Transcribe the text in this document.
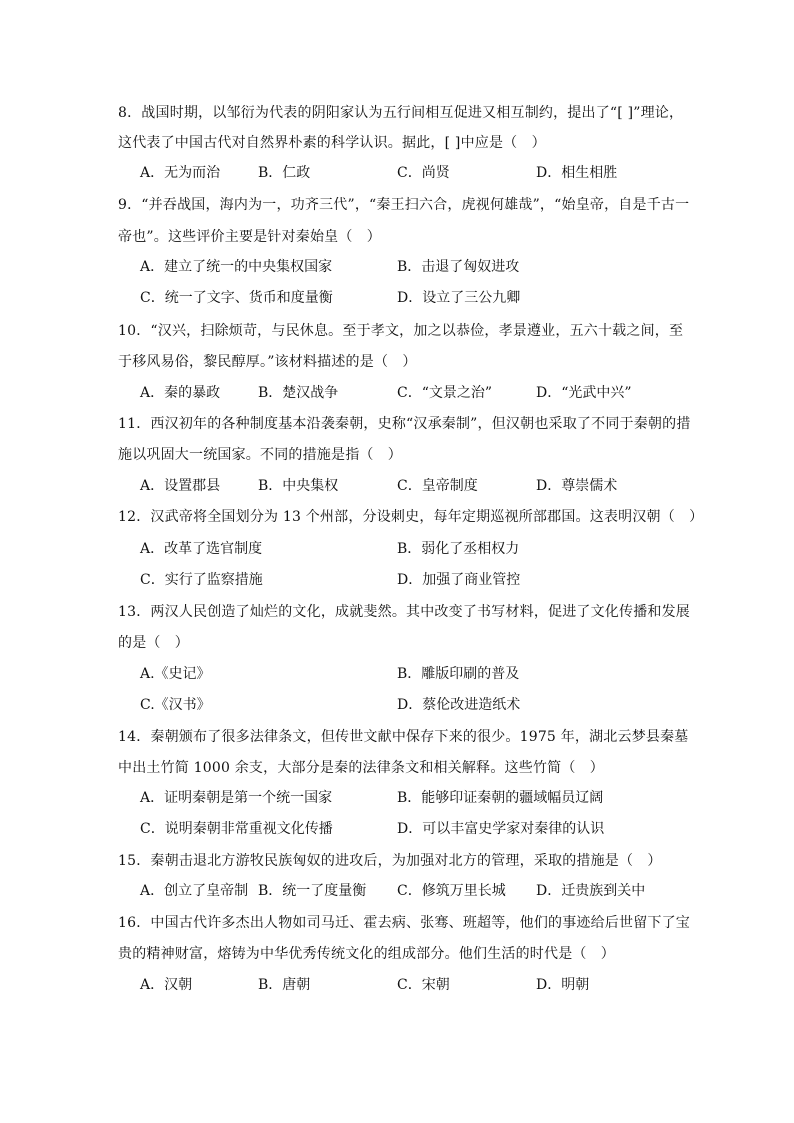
8．战国时期，以邹衍为代表的阴阳家认为五行间相互促进又相互制约，提出了“[ ]”理论，
这代表了中国古代对自然界朴素的科学认识。据此，[ ]中应是（　）
A．无为而治	B．仁政	C．尚贤	D．相生相胜
9．“并吞战国，海内为一，功齐三代”，“秦王扫六合，虎视何雄哉”，“始皇帝，自是千古一
帝也”。这些评价主要是针对秦始皇（　）
A．建立了统一的中央集权国家	B．击退了匈奴进攻
C．统一了文字、货币和度量衡	D．设立了三公九卿
10．“汉兴，扫除烦苛，与民休息。至于孝文，加之以恭俭，孝景遵业，五六十载之间，至
于移风易俗，黎民醇厚。”该材料描述的是（　）
A．秦的暴政	B．楚汉战争	C．“文景之治”	D．“光武中兴”
11．西汉初年的各种制度基本沿袭秦朝，史称“汉承秦制”，但汉朝也采取了不同于秦朝的措
施以巩固大一统国家。不同的措施是指（　）
A．设置郡县	B．中央集权	C．皇帝制度	D．尊崇儒术
12．汉武帝将全国划分为 13 个州部，分设刺史，每年定期巡视所部郡国。这表明汉朝（　）
A．改革了选官制度	B．弱化了丞相权力
C．实行了监察措施	D．加强了商业管控
13．两汉人民创造了灿烂的文化，成就斐然。其中改变了书写材料，促进了文化传播和发展
的是（　）
A.《史记》	B．雕版印刷的普及
C.《汉书》	D．蔡伦改进造纸术
14．秦朝颁布了很多法律条文，但传世文献中保存下来的很少。1975 年，湖北云梦县秦墓
中出土竹简 1000 余支，大部分是秦的法律条文和相关解释。这些竹简（　）
A．证明秦朝是第一个统一国家	B．能够印证秦朝的疆域幅员辽阔
C．说明秦朝非常重视文化传播	D．可以丰富史学家对秦律的认识
15．秦朝击退北方游牧民族匈奴的进攻后，为加强对北方的管理，采取的措施是（　）
A．创立了皇帝制 B．统一了度量衡 C．修筑万里长城 D．迁贵族到关中
16．中国古代许多杰出人物如司马迁、霍去病、张骞、班超等，他们的事迹给后世留下了宝
贵的精神财富，熔铸为中华优秀传统文化的组成部分。他们生活的时代是（　）
A．汉朝	B．唐朝	C．宋朝	D．明朝
